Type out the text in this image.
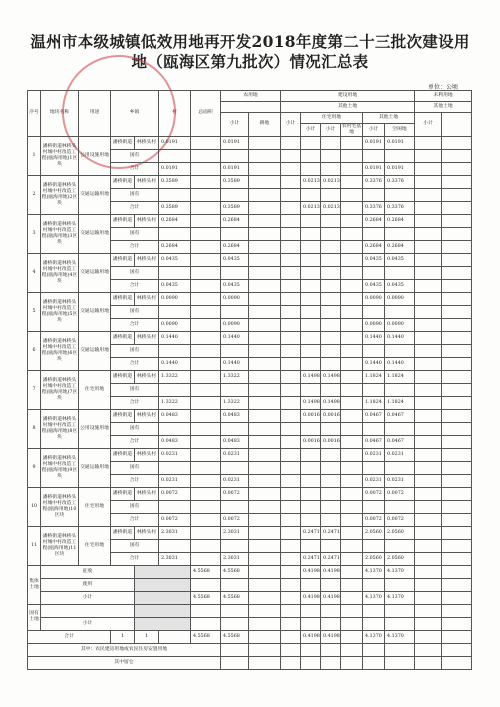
温州市本级城镇低效用地再开发2018年度第二十三批次建设用
地（瓯海区第九批次）情况汇总表
单位：公顷
序号	地块名称	用途	乡镇		村	总面积	农用地		建设用地						未利用地	
									其他土地						其他土地	
							小计	耕地	小计	住宅用地			其他土地		小计	
										小计	小计	农村宅基地	小计	空闲地		
1	潘桥街道林桥头村城中村改造工程(瓯海用地)1区块	公用设施用地	潘桥街道	林桥头村	0.0191		0.0191						0.0191	0.0191		
			国有													
			合计		0.0191		0.0191						0.0191	0.0191		
2	潘桥街道林桥头村城中村改造工程(瓯海用地)2区块	交通运输用地	潘桥街道	林桥头村	0.3589		0.3589			0.0213	0.0213		0.3376	0.3376		
			国有													
			合计		0.3589		0.3589			0.0213	0.0213		0.3376	0.3376		
3	潘桥街道林桥头村城中村改造工程(瓯海用地)3区块	交通运输用地	潘桥街道	林桥头村	0.2684		0.2684						0.2684	0.2684		
			国有													
			合计		0.2684		0.2684						0.2684	0.2684		
4	潘桥街道林桥头村城中村改造工程(瓯海用地)4区块	交通运输用地	潘桥街道	林桥头村	0.0435		0.0435						0.0435	0.0435		
			国有													
			合计		0.0435		0.0435						0.0435	0.0435		
5	潘桥街道林桥头村城中村改造工程(瓯海用地)5区块	交通运输用地	潘桥街道	林桥头村	0.0090		0.0090						0.0090	0.0090		
			国有													
			合计		0.0090		0.0090						0.0090	0.0090		
6	潘桥街道林桥头村城中村改造工程(瓯海用地)6区块	交通运输用地	潘桥街道	林桥头村	0.1440		0.1440						0.1440	0.1440		
			国有													
			合计		0.1440		0.1440						0.1440	0.1440		
7	潘桥街道林桥头村城中村改造工程(瓯海用地)7区块	住宅用地	潘桥街道	林桥头村	1.3322		1.3322			0.1498	0.1498		1.1824	1.1824		
			国有													
			合计		1.3322		1.3322			0.1498	0.1498		1.1824	1.1824		
8	潘桥街道林桥头村城中村改造工程(瓯海用地)8区块	公用设施用地	潘桥街道	林桥头村	0.0483		0.0483			0.0016	0.0016		0.0467	0.0467		
			国有													
			合计		0.0483		0.0483			0.0016	0.0016		0.0467	0.0467		
9	潘桥街道林桥头村城中村改造工程(瓯海用地)9区块	交通运输用地	潘桥街道	林桥头村	0.0231		0.0231						0.0231	0.0231		
			国有													
			合计		0.0231		0.0231						0.0231	0.0231		
10	潘桥街道林桥头村城中村改造工程(瓯海用地)10区块	住宅用地	潘桥街道	林桥头村	0.0072		0.0072						0.0072	0.0072		
			国有													
			合计		0.0072		0.0072						0.0072	0.0072		
11	潘桥街道林桥头村城中村改造工程(瓯海用地)11区块	住宅用地	潘桥街道	林桥头村	2.3031		2.3031			0.2471	0.2471		2.0560	2.0560		
			国有													
			合计		2.3031		2.3031			0.2471	0.2471		2.0560	2.0560		
集体土地	征收					4.5568	4.5568			0.4198	0.4198		4.1370	4.1370		
	使用															
	小计					4.5568	4.5568			0.4198	0.4198		4.1370	4.1370		
国有土地																
	小计															
合计			1	1		4.5568	4.5568			0.4198	0.4198		4.1370	4.1370		
其中：农民建房用地或农民住房安置用地																
其中留仓																
